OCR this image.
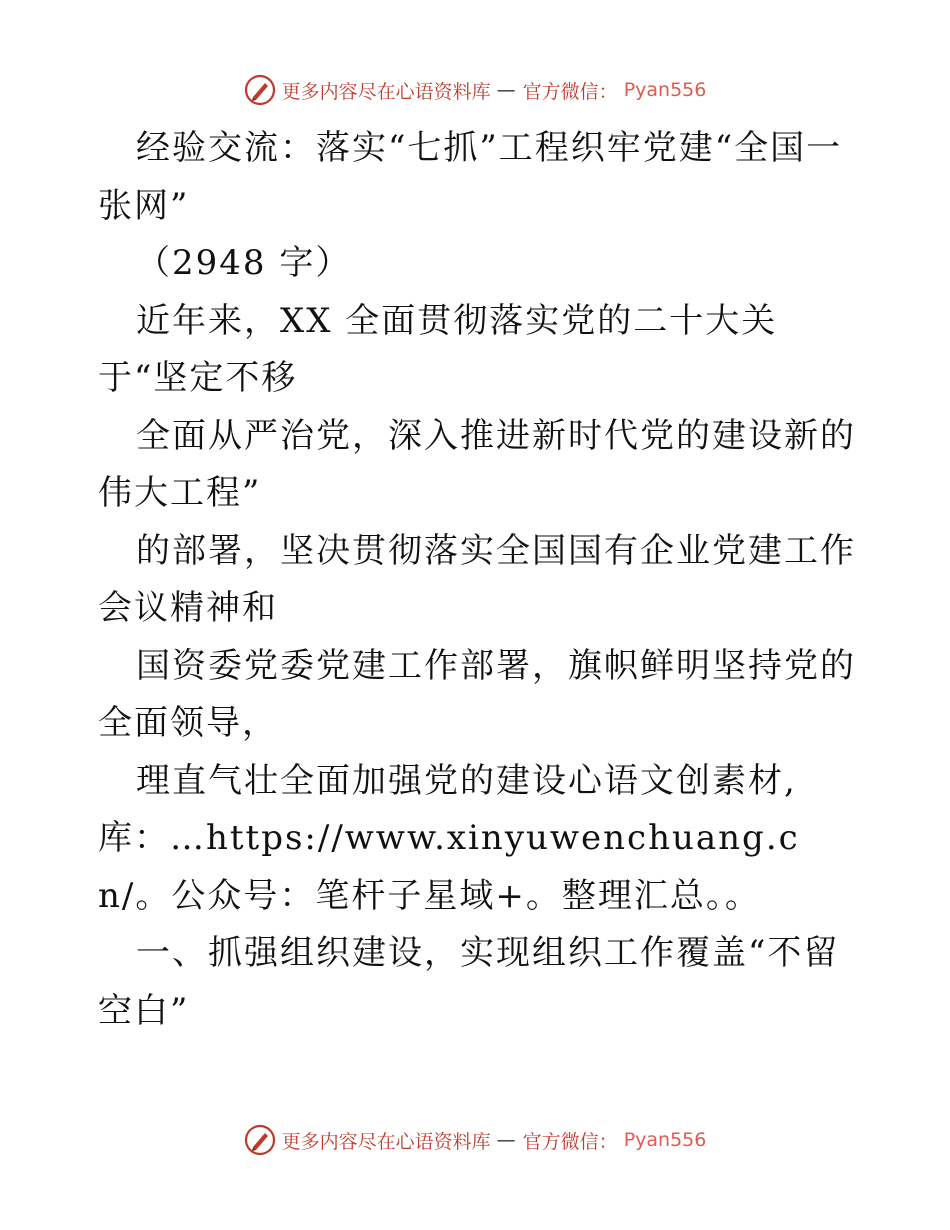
更多内容尽在心语资料库 — 官方微信： Pyan556

经验交流：落实“七抓”工程织牢党建“全国一张网”

（2948 字）

近年来，XX 全面贯彻落实党的二十大关于“坚定不移

全面从严治党，深入推进新时代党的建设新的伟大工程”

的部署，坚决贯彻落实全国国有企业党建工作会议精神和

国资委党委党建工作部署，旗帜鲜明坚持党的全面领导，

理直气壮全面加强党的建设心语文创素材,

库：…https://www.xinyuwenchuang.cn/。公众号：笔杆子星域+。整理汇总。。

一、抓强组织建设，实现组织工作覆盖“不留空白”

更多内容尽在心语资料库 — 官方微信： Pyan556
